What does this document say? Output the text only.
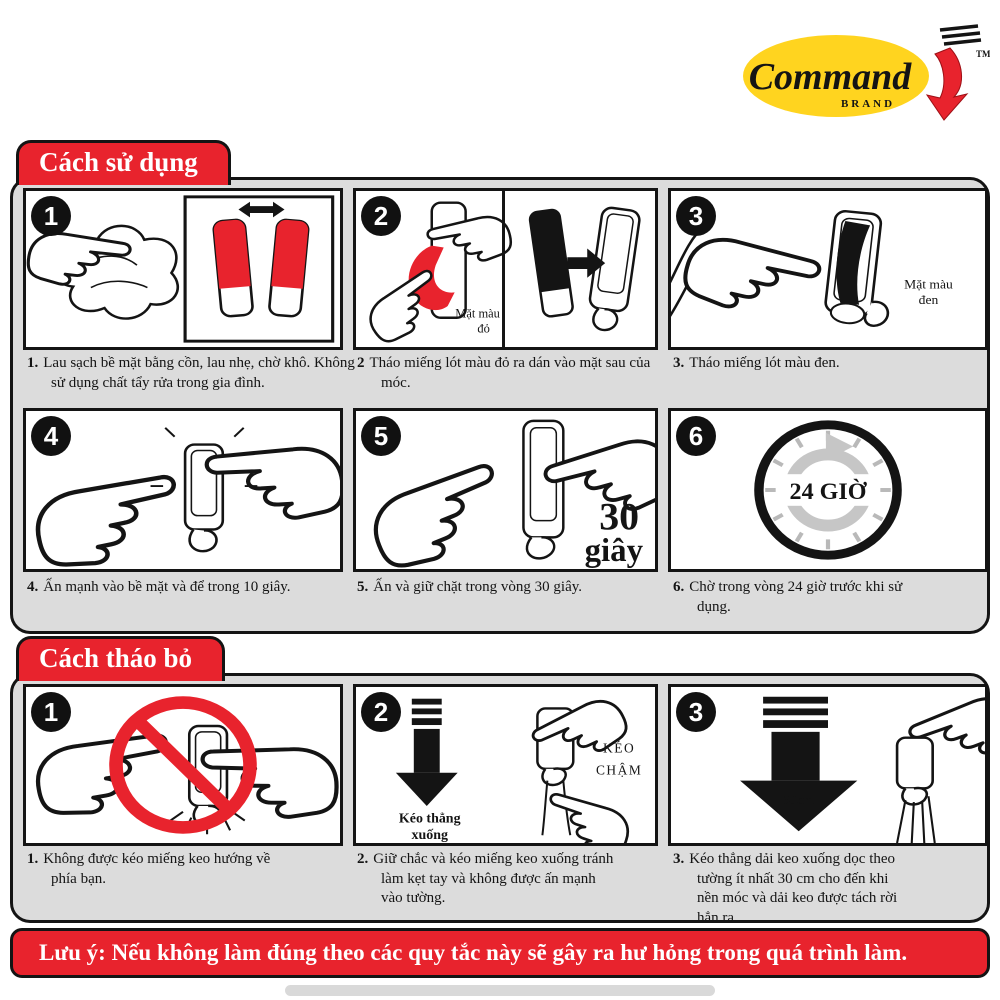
Command
BRAND
TM
Cách sử dụng
1	2
Mặt màu
đỏ
3
Mặt màu
đen
1. Lau sạch bề mặt bằng cồn, lau nhẹ, chờ khô. Không sử dụng chất tẩy rửa trong gia đình.
2 Tháo miếng lót màu đỏ ra dán vào mặt sau của móc.
3. Tháo miếng lót màu đen.
4	5
30
giây
6
24 GIỜ
4. Ấn mạnh vào bề mặt và để trong 10 giây.	5. Ấn và giữ chặt trong vòng 30 giây.	6. Chờ trong vòng 24 giờ trước khi sử dụng.
Cách tháo bỏ
1	2
Kéo thẳng
xuống
KÉO
CHẬM
3
30cm
1. Không được kéo miếng keo hướng về phía bạn.
2. Giữ chắc và kéo miếng keo xuống tránh làm kẹt tay và không được ấn mạnh vào tường.
3. Kéo thẳng dải keo xuống dọc theo tường ít nhất 30 cm cho đến khi nền móc và dải keo được tách rời hẳn ra
Lưu ý: Nếu không làm đúng theo các quy tắc này sẽ gây ra hư hỏng trong quá trình làm.
